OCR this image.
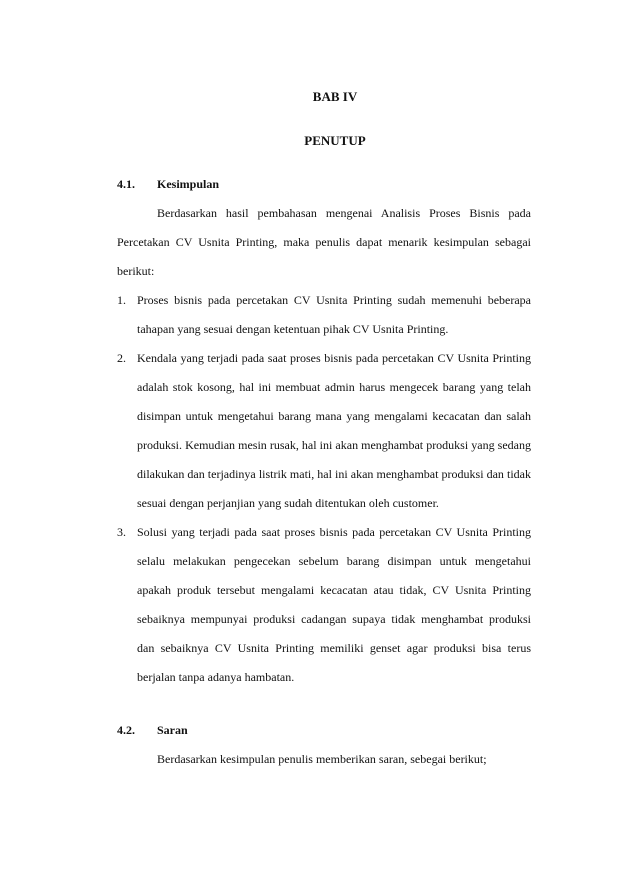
BAB IV
PENUTUP
4.1. Kesimpulan
Berdasarkan hasil pembahasan mengenai Analisis Proses Bisnis pada Percetakan CV Usnita Printing, maka penulis dapat menarik kesimpulan sebagai berikut:
1. Proses bisnis pada percetakan CV Usnita Printing sudah memenuhi beberapa tahapan yang sesuai dengan ketentuan pihak CV Usnita Printing.
2. Kendala yang terjadi pada saat proses bisnis pada percetakan CV Usnita Printing adalah stok kosong, hal ini membuat admin harus mengecek barang yang telah disimpan untuk mengetahui barang mana yang mengalami kecacatan dan salah produksi. Kemudian mesin rusak, hal ini akan menghambat produksi yang sedang dilakukan dan terjadinya listrik mati, hal ini akan menghambat produksi dan tidak sesuai dengan perjanjian yang sudah ditentukan oleh customer.
3. Solusi yang terjadi pada saat proses bisnis pada percetakan CV Usnita Printing selalu melakukan pengecekan sebelum barang disimpan untuk mengetahui apakah produk tersebut mengalami kecacatan atau tidak, CV Usnita Printing sebaiknya mempunyai produksi cadangan supaya tidak menghambat produksi dan sebaiknya CV Usnita Printing memiliki genset agar produksi bisa terus berjalan tanpa adanya hambatan.
4.2. Saran
Berdasarkan kesimpulan penulis memberikan saran, sebegai berikut;
